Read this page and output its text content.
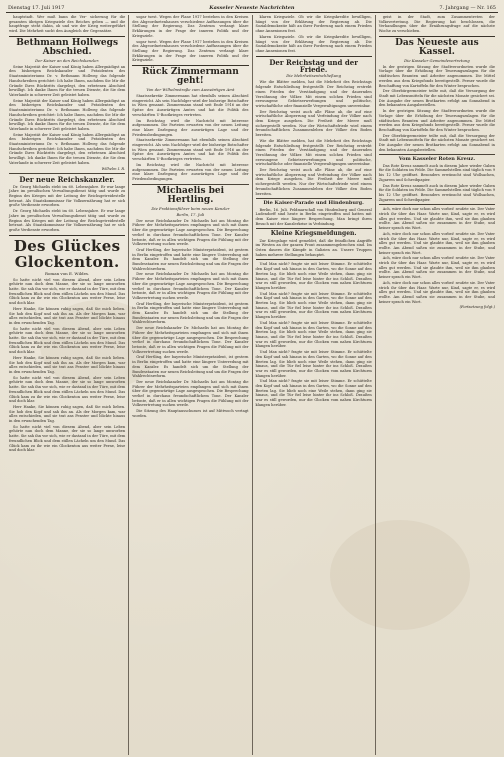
Dienstag 17. Juli 1917	Kasseler Neueste Nachrichten	7. Jahrgang — Nr. 165

hauptstadt. Wer muß bann die Ver- sicherung für die gesamten übrigen Kriegsziele des Reiches geben — und die hauptfrage steht dahin, ob und wie der Krieg weitergeführt wird. Die Mehrheit sucht den Ausgleich der Gegensätze.

Bethmann Hollwegs Abschied.
Der Kaiser an den Reichskanzler.

Seine Majestät der Kaiser und König haben Allergnädigst an den bisherigen Reichskanzler und Präsidenten des Staatsministeriums Dr. v. Bethmann Hollweg das folgende Handschreiben gerichtet: Ich habe Ihnen, nachdem Sie Mir die Gründe Ihres Rücktritts dargelegt, den erbetenen Abschied bewilligt. Ich danke Ihnen für die treuen Dienste, die Sie dem Vaterlande in schwerer Zeit geleistet haben.

Seine Majestät der Kaiser und König haben Allergnädigst an den bisherigen Reichskanzler und Präsidenten des Staatsministeriums Dr. v. Bethmann Hollweg das folgende Handschreiben gerichtet: Ich habe Ihnen, nachdem Sie Mir die Gründe Ihres Rücktritts dargelegt, den erbetenen Abschied bewilligt. Ich danke Ihnen für die treuen Dienste, die Sie dem Vaterlande in schwerer Zeit geleistet haben.

Seine Majestät der Kaiser und König haben Allergnädigst an den bisherigen Reichskanzler und Präsidenten des Staatsministeriums Dr. v. Bethmann Hollweg das folgende Handschreiben gerichtet: Ich habe Ihnen, nachdem Sie Mir die Gründe Ihres Rücktritts dargelegt, den erbetenen Abschied bewilligt. Ich danke Ihnen für die treuen Dienste, die Sie dem Vaterlande in schwerer Zeit geleistet haben.

Wilhelm I. R.
Der neue Reichskanzler.

Dr. Georg Michaelis steht im 60. Lebensjahre. Er war lange Jahre im preußischen Verwaltungsdienst tätig und wurde zu Beginn des Krieges mit der Leitung der Reichsgetreidestelle betraut. Als Staatskommissar für Volksernährung hat er sich große Verdienste erworben.

Dr. Georg Michaelis steht im 60. Lebensjahre. Er war lange Jahre im preußischen Verwaltungsdienst tätig und wurde zu Beginn des Krieges mit der Leitung der Reichsgetreidestelle betraut. Als Staatskommissar für Volksernährung hat er sich große Verdienste erworben.

Des Glückes Glockenton.
Roman von E. Wildes.

So hatte nicht viel von diesem Abend, aber sein Leben gehörte nun doch dem Manne, der sie so lange umworben hatte. Sie sah ihn vor sich, wie er dastand in der Türe, mit dem freundlichen Blick und dem stillen Lächeln um den Mund. Das Glück kam zu ihr wie ein Glockenton aus weiter Ferne, leise und doch klar.

Herr Hanke, Sie können ruhig sagen, daß Sie mich lieben. Sie hob den Kopf und sah ihn an. Als der Morgen kam, war alles entschieden, und sie trat ans Fenster und blickte hinaus in den erwachenden Tag.

So hatte nicht viel von diesem Abend, aber sein Leben gehörte nun doch dem Manne, der sie so lange umworben hatte. Sie sah ihn vor sich, wie er dastand in der Türe, mit dem freundlichen Blick und dem stillen Lächeln um den Mund. Das Glück kam zu ihr wie ein Glockenton aus weiter Ferne, leise und doch klar.

Herr Hanke, Sie können ruhig sagen, daß Sie mich lieben. Sie hob den Kopf und sah ihn an. Als der Morgen kam, war alles entschieden, und sie trat ans Fenster und blickte hinaus in den erwachenden Tag.

So hatte nicht viel von diesem Abend, aber sein Leben gehörte nun doch dem Manne, der sie so lange umworben hatte. Sie sah ihn vor sich, wie er dastand in der Türe, mit dem freundlichen Blick und dem stillen Lächeln um den Mund. Das Glück kam zu ihr wie ein Glockenton aus weiter Ferne, leise und doch klar.

Herr Hanke, Sie können ruhig sagen, daß Sie mich lieben. Sie hob den Kopf und sah ihn an. Als der Morgen kam, war alles entschieden, und sie trat ans Fenster und blickte hinaus in den erwachenden Tag.

So hatte nicht viel von diesem Abend, aber sein Leben gehörte nun doch dem Manne, der sie so lange umworben hatte. Sie sah ihn vor sich, wie er dastand in der Türe, mit dem freundlichen Blick und dem stillen Lächeln um den Mund. Das Glück kam zu ihr wie ein Glockenton aus weiter Ferne, leise und doch klar.

sogar tsest. Wegen der Plane 1917 bestehen in den Kreisen des Abgeordnetenhauses verschiedene Auffassungen über die Stellung der Regierung. Das Zentrum verlangt klare Erklärungen in der Frage der inneren Politik und der Kriegsziele.

sogar tsest. Wegen der Plane 1917 bestehen in den Kreisen des Abgeordnetenhauses verschiedene Auffassungen über die Stellung der Regierung. Das Zentrum verlangt klare Erklärungen in der Frage der inneren Politik und der Kriegsziele.

Rück Zimmermann geht!
Von der Wilhelmstraße zum Auswärtigen Amt

Staatssekretär Zimmermann hat ebenfalls seinen Abschied eingereicht. Als sein Nachfolger wird der bisherige Botschafter in Wien genannt. Zimmermann stand seit Ende 1916 an der Spitze des Auswärtigen Amtes und hat die Politik des verschärften U-Bootkrieges vertreten.

Im Reichstag wird die Nachricht mit Interesse aufgenommen. Die Parteien erwarten von der neuen Leitung eine klare Darlegung der auswärtigen Lage und der Friedensbedingungen.

Staatssekretär Zimmermann hat ebenfalls seinen Abschied eingereicht. Als sein Nachfolger wird der bisherige Botschafter in Wien genannt. Zimmermann stand seit Ende 1916 an der Spitze des Auswärtigen Amtes und hat die Politik des verschärften U-Bootkrieges vertreten.

Im Reichstag wird die Nachricht mit Interesse aufgenommen. Die Parteien erwarten von der neuen Leitung eine klare Darlegung der auswärtigen Lage und der Friedensbedingungen.

Michaelis bei Hertling.
Die Fraktionsführer beim neuen Kanzler
Berlin, 17. Juli

Der neue Reichskanzler Dr. Michaelis hat am Montag die Führer der Mehrheitsparteien empfangen und sich mit ihnen über die gegenwärtige Lage ausgesprochen. Die Besprechung verlief in durchaus freundschaftlichem Tone. Der Kanzler betonte, daß er in allen wichtigen Fragen die Fühlung mit der Volksvertretung suchen werde.

Graf Hertling, der bayerische Ministerpräsident, ist gestern in Berlin eingetroffen und hatte eine längere Unterredung mit dem Kanzler. Es handelt sich um die Stellung der Bundesstaaten zur neuen Reichsleitung und um die Fragen der Wahlrechtsreform.

Der neue Reichskanzler Dr. Michaelis hat am Montag die Führer der Mehrheitsparteien empfangen und sich mit ihnen über die gegenwärtige Lage ausgesprochen. Die Besprechung verlief in durchaus freundschaftlichem Tone. Der Kanzler betonte, daß er in allen wichtigen Fragen die Fühlung mit der Volksvertretung suchen werde.

Graf Hertling, der bayerische Ministerpräsident, ist gestern in Berlin eingetroffen und hatte eine längere Unterredung mit dem Kanzler. Es handelt sich um die Stellung der Bundesstaaten zur neuen Reichsleitung und um die Fragen der Wahlrechtsreform.

Der neue Reichskanzler Dr. Michaelis hat am Montag die Führer der Mehrheitsparteien empfangen und sich mit ihnen über die gegenwärtige Lage ausgesprochen. Die Besprechung verlief in durchaus freundschaftlichem Tone. Der Kanzler betonte, daß er in allen wichtigen Fragen die Fühlung mit der Volksvertretung suchen werde.

Graf Hertling, der bayerische Ministerpräsident, ist gestern in Berlin eingetroffen und hatte eine längere Unterredung mit dem Kanzler. Es handelt sich um die Stellung der Bundesstaaten zur neuen Reichsleitung und um die Fragen der Wahlrechtsreform.

Der neue Reichskanzler Dr. Michaelis hat am Montag die Führer der Mehrheitsparteien empfangen und sich mit ihnen über die gegenwärtige Lage ausgesprochen. Die Besprechung verlief in durchaus freundschaftlichem Tone. Der Kanzler betonte, daß er in allen wichtigen Fragen die Fühlung mit der Volksvertretung suchen werde.

Die Sitzung des Hauptausschusses ist auf Mittwoch vertagt worden.

klaren Kriegsziele. Ob wir die Kriegskredite bewilligen, hängt von der Erklärung der Regierung ab. Die Sozialdemokratie hält an ihrer Forderung nach einem Frieden ohne Annexionen fest.

klaren Kriegsziele. Ob wir die Kriegskredite bewilligen, hängt von der Erklärung der Regierung ab. Die Sozialdemokratie hält an ihrer Forderung nach einem Frieden ohne Annexionen fest.

Der Reichstag und der Friede.
Die Mehrheitsentschließung

Wie die Blätter melden, hat die Mehrheit des Reichstags folgende Entschließung festgestellt: Der Reichstag erstrebt einen Frieden der Verständigung und der dauernden Versöhnung der Völker. Mit einem solchen Frieden sind erzwungene Gebietserwerbungen und politische, wirtschaftliche oder finanzielle Vergewaltigungen unvereinbar.

Der Reichstag weist auch alle Pläne ab, die auf eine wirtschaftliche Absperrung und Verfeindung der Völker nach dem Kriege ausgehen. Die Freiheit der Meere muß sichergestellt werden. Nur der Wirtschaftsfriede wird einem freundschaftlichen Zusammenleben der Völker den Boden bereiten.

Wie die Blätter melden, hat die Mehrheit des Reichstags folgende Entschließung festgestellt: Der Reichstag erstrebt einen Frieden der Verständigung und der dauernden Versöhnung der Völker. Mit einem solchen Frieden sind erzwungene Gebietserwerbungen und politische, wirtschaftliche oder finanzielle Vergewaltigungen unvereinbar.

Der Reichstag weist auch alle Pläne ab, die auf eine wirtschaftliche Absperrung und Verfeindung der Völker nach dem Kriege ausgehen. Die Freiheit der Meere muß sichergestellt werden. Nur der Wirtschaftsfriede wird einem freundschaftlichen Zusammenleben der Völker den Boden bereiten.

Die Kaiser-Parade und Hindenburg.

Berlin, 16. Juli. Feldmarschall von Hindenburg und General Ludendorff sind heute in Berlin eingetroffen und hatten mit dem Kaiser eine längere Besprechung. Man bringt ihren Besuch mit der Kanzlerkrise in Verbindung.

Kleine Kriegsmeldungen.

Zur Kriegslage wird gemeldet, daß die feindlichen Angriffe im Westen an der ganzen Front zusammengebrochen sind. Im Osten dauern die Kämpfe in Galizien an. Unsere Truppen haben mehrere Stellungen behauptet.

Und Max nicht? fragte sie mit leiser Stimme. Er schüttelte den Kopf und sah hinaus in den Garten, wo die Sonne auf den Beeten lag. Sie blieb noch eine Weile stehen, dann ging sie hinaus, und die Tür fiel leise hinter ihr ins Schloß. Draußen war es still geworden, nur die Glocken vom nahen Kirchturm klangen herüber.

Und Max nicht? fragte sie mit leiser Stimme. Er schüttelte den Kopf und sah hinaus in den Garten, wo die Sonne auf den Beeten lag. Sie blieb noch eine Weile stehen, dann ging sie hinaus, und die Tür fiel leise hinter ihr ins Schloß. Draußen war es still geworden, nur die Glocken vom nahen Kirchturm klangen herüber.

Und Max nicht? fragte sie mit leiser Stimme. Er schüttelte den Kopf und sah hinaus in den Garten, wo die Sonne auf den Beeten lag. Sie blieb noch eine Weile stehen, dann ging sie hinaus, und die Tür fiel leise hinter ihr ins Schloß. Draußen war es still geworden, nur die Glocken vom nahen Kirchturm klangen herüber.

Und Max nicht? fragte sie mit leiser Stimme. Er schüttelte den Kopf und sah hinaus in den Garten, wo die Sonne auf den Beeten lag. Sie blieb noch eine Weile stehen, dann ging sie hinaus, und die Tür fiel leise hinter ihr ins Schloß. Draußen war es still geworden, nur die Glocken vom nahen Kirchturm klangen herüber.

Und Max nicht? fragte sie mit leiser Stimme. Er schüttelte den Kopf und sah hinaus in den Garten, wo die Sonne auf den Beeten lag. Sie blieb noch eine Weile stehen, dann ging sie hinaus, und die Tür fiel leise hinter ihr ins Schloß. Draußen war es still geworden, nur die Glocken vom nahen Kirchturm klangen herüber.

geist in der Stadt, zum Zusammentreten der Volksvertretung. Die Regierung hat beschlossen, die Verhandlungen über die Ernährungsfrage auf die nächste Woche zu verschieben.

Das Neueste aus Kassel.
Die Kasseler Gemeindevertretung

In der gestrigen Sitzung der Stadtverordneten wurde die Vorlage über die Erhöhung der Teuerungszulagen für die städtischen Beamten und Arbeiter angenommen. Die Mittel werden aus dem Kriegsfonds bereitgestellt. Ferner wurde die Beschaffung von Kartoffeln für den Winter besprochen.

Der Oberbürgermeister teilte mit, daß die Versorgung der Stadt mit Lebensmitteln für die nächsten Monate gesichert sei. Die Ausgabe der neuen Brotkarten erfolgt am Sonnabend in den bekannten Ausgabestellen.

In der gestrigen Sitzung der Stadtverordneten wurde die Vorlage über die Erhöhung der Teuerungszulagen für die städtischen Beamten und Arbeiter angenommen. Die Mittel werden aus dem Kriegsfonds bereitgestellt. Ferner wurde die Beschaffung von Kartoffeln für den Winter besprochen.

Der Oberbürgermeister teilte mit, daß die Versorgung der Stadt mit Lebensmitteln für die nächsten Monate gesichert sei. Die Ausgabe der neuen Brotkarten erfolgt am Sonnabend in den bekannten Ausgabestellen.

Vom Kasseler Roten Kreuz.

Das Rote Kreuz sammelt auch in diesem Jahre wieder Gaben für die Soldaten im Felde. Die Sammelstellen sind täglich von 9 bis 12 Uhr geöffnet. Besonders erwünscht sind Wollsachen, Zigarren und Schreibpapier.

Das Rote Kreuz sammelt auch in diesem Jahre wieder Gaben für die Soldaten im Felde. Die Sammelstellen sind täglich von 9 bis 12 Uhr geöffnet. Besonders erwünscht sind Wollsachen, Zigarren und Schreibpapier.

Ach, wäre doch nur schon alles vorbei! seufzte sie. Der Vater strich ihr über das Haar. Warte nur, Kind, sagte er, es wird alles gut werden. Und sie glaubte ihm, weil sie ihm glauben wollte. Am Abend saßen sie zusammen in der Stube, und keiner sprach ein Wort.

Ach, wäre doch nur schon alles vorbei! seufzte sie. Der Vater strich ihr über das Haar. Warte nur, Kind, sagte er, es wird alles gut werden. Und sie glaubte ihm, weil sie ihm glauben wollte. Am Abend saßen sie zusammen in der Stube, und keiner sprach ein Wort.

Ach, wäre doch nur schon alles vorbei! seufzte sie. Der Vater strich ihr über das Haar. Warte nur, Kind, sagte er, es wird alles gut werden. Und sie glaubte ihm, weil sie ihm glauben wollte. Am Abend saßen sie zusammen in der Stube, und keiner sprach ein Wort.

Ach, wäre doch nur schon alles vorbei! seufzte sie. Der Vater strich ihr über das Haar. Warte nur, Kind, sagte er, es wird alles gut werden. Und sie glaubte ihm, weil sie ihm glauben wollte. Am Abend saßen sie zusammen in der Stube, und keiner sprach ein Wort.

(Fortsetzung folgt.)
